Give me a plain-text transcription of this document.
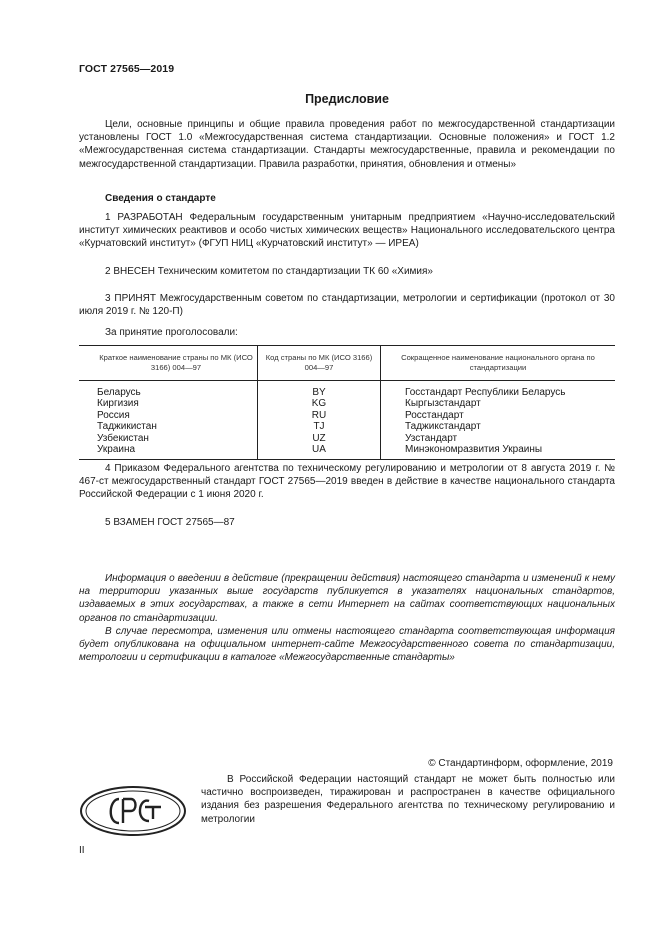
ГОСТ 27565—2019
Предисловие

Цели, основные принципы и общие правила проведения работ по межгосударственной стандартизации установлены ГОСТ 1.0 «Межгосударственная система стандартизации. Основные положения» и ГОСТ 1.2 «Межгосударственная система стандартизации. Стандарты межгосударственные, правила и рекомендации по межгосударственной стандартизации. Правила разработки, принятия, обновления и отмены»

Сведения о стандарте

1 РАЗРАБОТАН Федеральным государственным унитарным предприятием «Научно-исследовательский институт химических реактивов и особо чистых химических веществ» Национального исследовательского центра «Курчатовский институт» (ФГУП НИЦ «Курчатовский институт» — ИРЕА)

2 ВНЕСЕН Техническим комитетом по стандартизации ТК 60 «Химия»

3 ПРИНЯТ Межгосударственным советом по стандартизации, метрологии и сертификации (протокол от 30 июля 2019 г. № 120-П)

За принятие проголосовали:

Краткое наименование страны по МК (ИСО 3166) 004—97	Код страны по МК (ИСО 3166) 004—97	Сокращенное наименование национального органа по стандартизации
Беларусь	BY	Госстандарт Республики Беларусь
Киргизия	KG	Кыргызстандарт
Россия	RU	Росстандарт
Таджикистан	TJ	Таджикстандарт
Узбекистан	UZ	Узстандарт
Украина	UA	Минэкономразвития Украины

4 Приказом Федерального агентства по техническому регулированию и метрологии от 8 августа 2019 г. № 467-ст межгосударственный стандарт ГОСТ 27565—2019 введен в действие в качестве национального стандарта Российской Федерации с 1 июня 2020 г.

5 ВЗАМЕН ГОСТ 27565—87

Информация о введении в действие (прекращении действия) настоящего стандарта и изменений к нему на территории указанных выше государств публикуется в указателях национальных стандартов, издаваемых в этих государствах, а также в сети Интернет на сайтах соответствующих национальных органов по стандартизации.

В случае пересмотра, изменения или отмены настоящего стандарта соответствующая информация будет опубликована на официальном интернет-сайте Межгосударственного совета по стандартизации, метрологии и сертификации в каталоге «Межгосударственные стандарты»

© Стандартинформ, оформление, 2019

В Российской Федерации настоящий стандарт не может быть полностью или частично воспроизведен, тиражирован и распространен в качестве официального издания без разрешения Федерального агентства по техническому регулированию и метрологии

II
